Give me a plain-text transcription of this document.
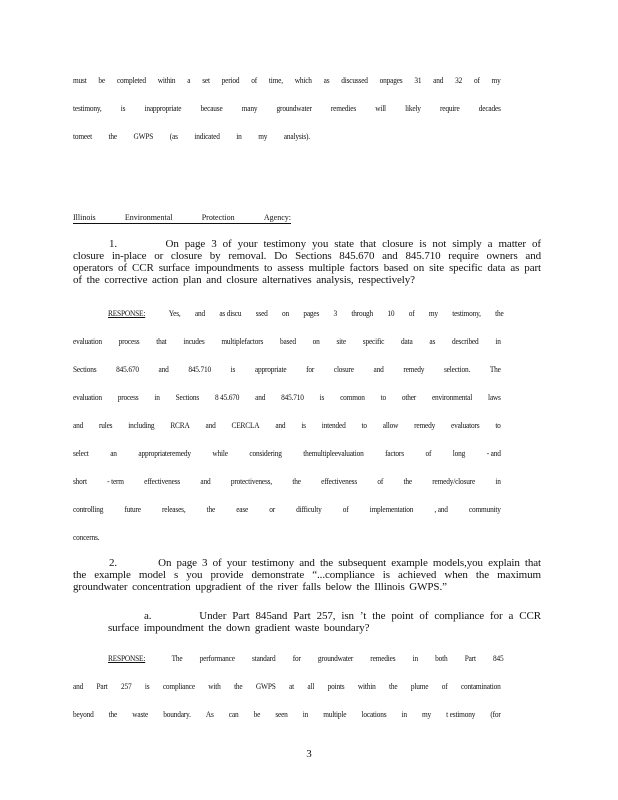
must be completed within a set period of time, which as discussed onpages 31 and 32 of my
testimony, is inappropriate because many groundwater remedies will likely require decades
tomeet the GWPS (as indicated in my analysis).
Illinois	Environmental	Protection	Agency:
1.	On page 3 of your testimony you state that closure is not simply a matter of closure in-place or closure by removal. Do Sections 845.670 and 845.710 require owners and operators of CCR surface impoundments to assess multiple factors based on site specific data as part of the corrective action plan and closure alternatives analysis, respectively?
RESPONSE:	Yes, and as discu ssed on pages 3 through 10 of my testimony, the
evaluation process that incudes multiplefactors based on site specific data as described in
Sections 845.670 and 845.710 is appropriate for closure and remedy selection. The
evaluation process in Sections 8 45.670 and 845.710 is common to other environmental laws
and rules including RCRA and CERCLA and is intended to allow remedy evaluators to
select	an	appropriateremedy	while	considering	themultipleevaluation	factors	of	long	- and
short	- term	effectiveness	and	protectiveness,	the	effectiveness	of	the	remedy/closure	in
controlling	future	releases,	the	ease	or	difficulty	of	implementation	, and	community
concerns.
2.	On page 3 of your testimony and the subsequent example models,you explain that the example model s you provide demonstrate “...compliance is achieved when the maximum groundwater concentration upgradient of the river falls below the Illinois GWPS.”
a.	Under Part 845and Part 257, isn ’t the point of compliance for a CCR surface impoundment the down gradient waste boundary?
RESPONSE:	The performance standard for groundwater remedies in both Part 845
and Part 257 is compliance with the GWPS at all points within the plume of contamination
beyond the waste boundary. As can be seen in multiple locations in my t estimony (for
3
